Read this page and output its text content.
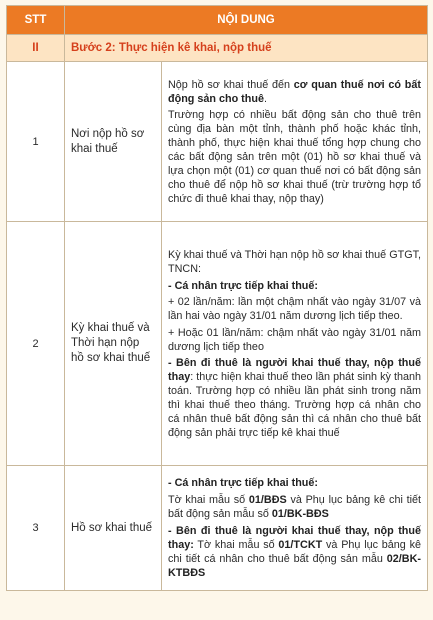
STT	NỘI DUNG	
II	Bước 2: Thực hiện kê khai, nộp thuế	
1	Nơi nộp hồ sơ khai thuế	Nộp hồ sơ khai thuế đến cơ quan thuế nơi có bất động sản cho thuê.

Trường hợp có nhiều bất động sản cho thuê trên cùng địa bàn một tỉnh, thành phố hoặc khác tỉnh, thành phố, thực hiện khai thuế tổng hợp chung cho các bất động sản trên một (01) hồ sơ khai thuế và lựa chọn một (01) cơ quan thuế nơi có bất động sản cho thuê để nộp hồ sơ khai thuế (trừ trường hợp tổ chức đi thuê khai thay, nộp thay)

2	Kỳ khai thuế và Thời hạn nộp hồ sơ khai thuế	Kỳ khai thuế và Thời hạn nộp hồ sơ khai thuế GTGT, TNCN:

- Cá nhân trực tiếp khai thuế:

+ 02 lần/năm: lần một chậm nhất vào ngày 31/07 và lần hai vào ngày 31/01 năm dương lịch tiếp theo.

+ Hoặc 01 lần/năm: chậm nhất vào ngày 31/01 năm dương lịch tiếp theo

- Bên đi thuê là người khai thuế thay, nộp thuế thay: thực hiện khai thuế theo lần phát sinh kỳ thanh toán. Trường hợp có nhiều lần phát sinh trong năm thì khai thuế theo tháng. Trường hợp cá nhân cho cá nhân thuê bất động sản thì cá nhân cho thuê bất động sản phải trực tiếp kê khai thuế

3	Hồ sơ khai thuế	- Cá nhân trực tiếp khai thuế:

Tờ khai mẫu số 01/BĐS và Phụ lục bảng kê chi tiết bất động sản mẫu số 01/BK-BĐS

- Bên đi thuê là người khai thuế thay, nộp thuế thay: Tờ khai mẫu số 01/TCKT và Phụ lục bảng kê chi tiết cá nhân cho thuê bất động sản mẫu 02/BK-KTBĐS
